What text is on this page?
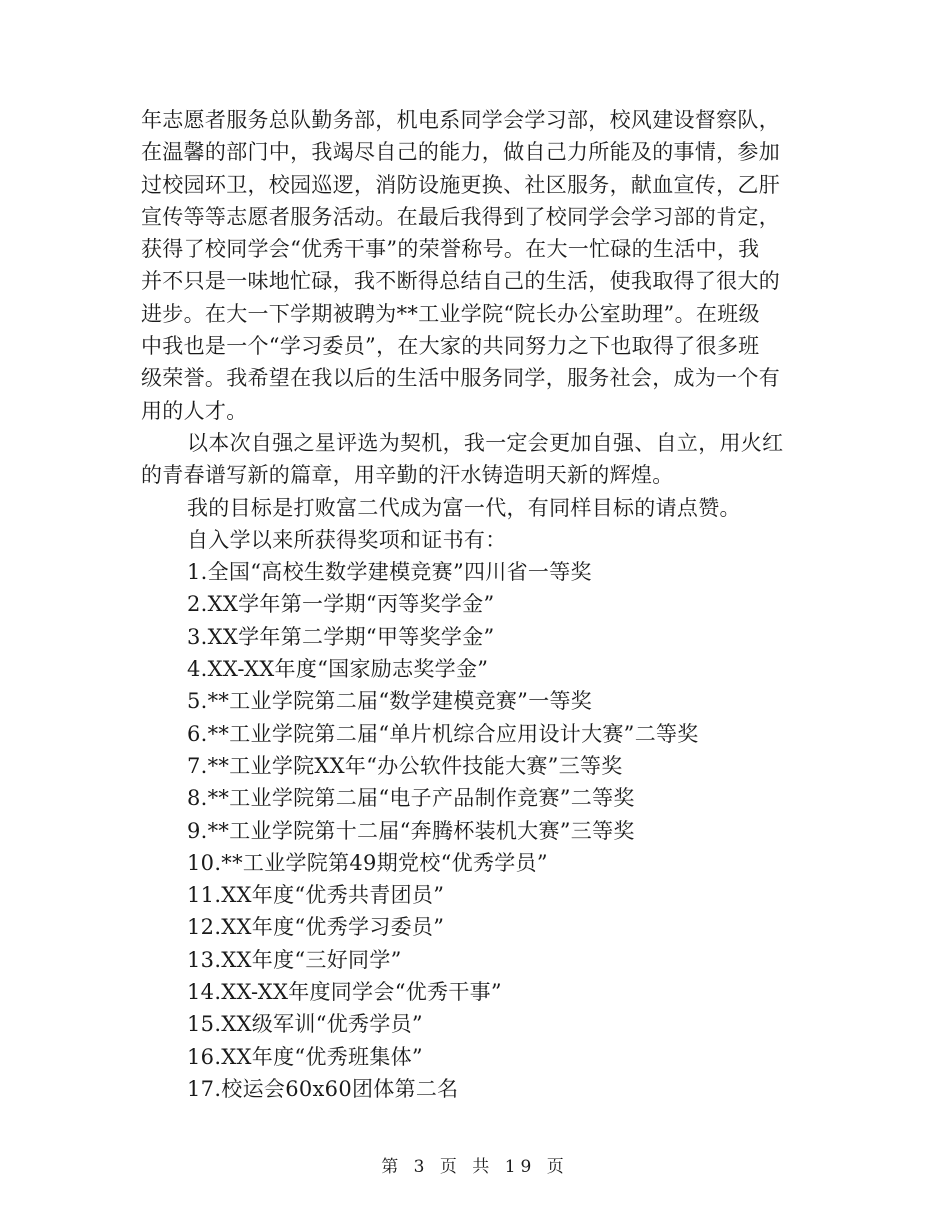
年志愿者服务总队勤务部，机电系同学会学习部，校风建设督察队，
在温馨的部门中，我竭尽自己的能力，做自己力所能及的事情，参加
过校园环卫，校园巡逻，消防设施更换、社区服务，献血宣传，乙肝
宣传等等志愿者服务活动。在最后我得到了校同学会学习部的肯定，
获得了校同学会“优秀干事”的荣誉称号。在大一忙碌的生活中，我
并不只是一味地忙碌，我不断得总结自己的生活，使我取得了很大的
进步。在大一下学期被聘为**工业学院“院长办公室助理”。在班级
中我也是一个“学习委员”，在大家的共同努力之下也取得了很多班
级荣誉。我希望在我以后的生活中服务同学，服务社会，成为一个有
用的人才。
以本次自强之星评选为契机，我一定会更加自强、自立，用火红
的青春谱写新的篇章，用辛勤的汗水铸造明天新的辉煌。
我的目标是打败富二代成为富一代，有同样目标的请点赞。
自入学以来所获得奖项和证书有：
1.全国“高校生数学建模竞赛”四川省一等奖
2.XX学年第一学期“丙等奖学金”
3.XX学年第二学期“甲等奖学金”
4.XX-XX年度“国家励志奖学金”
5.**工业学院第二届“数学建模竞赛”一等奖
6.**工业学院第二届“单片机综合应用设计大赛”二等奖
7.**工业学院XX年“办公软件技能大赛”三等奖
8.**工业学院第二届“电子产品制作竞赛”二等奖
9.**工业学院第十二届“奔腾杯装机大赛”三等奖
10.**工业学院第49期党校“优秀学员”
11.XX年度“优秀共青团员”
12.XX年度“优秀学习委员”
13.XX年度“三好同学”
14.XX-XX年度同学会“优秀干事”
15.XX级军训“优秀学员”
16.XX年度“优秀班集体”
17.校运会60x60团体第二名
第 3 页 共 19 页
